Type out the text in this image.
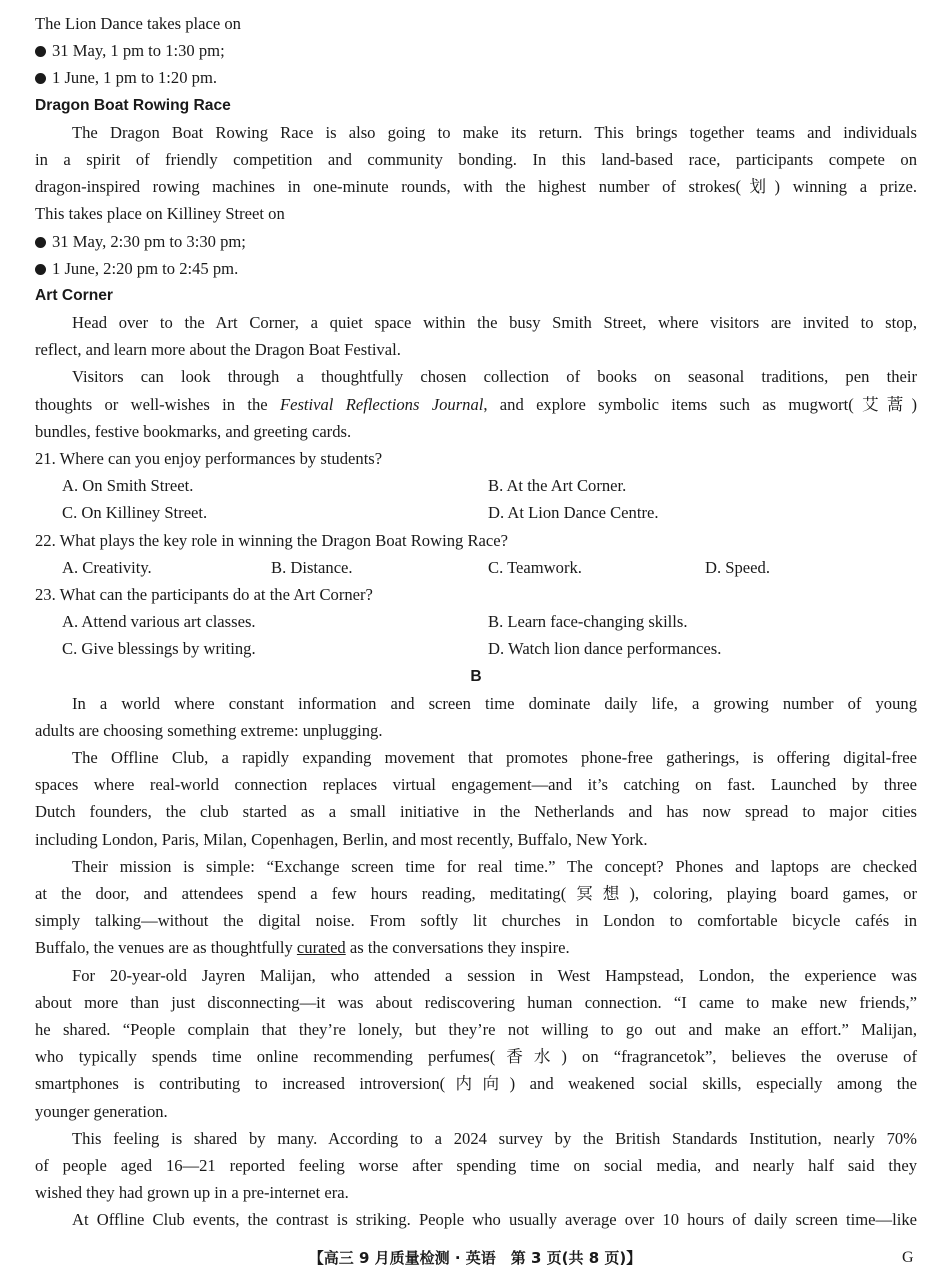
The Lion Dance takes place on
31 May, 1 pm to 1:30 pm;
1 June, 1 pm to 1:20 pm.
Dragon Boat Rowing Race
The Dragon Boat Rowing Race is also going to make its return. This brings together teams and individuals
in a spirit of friendly competition and community bonding. In this land-based race, participants compete on
dragon-inspired rowing machines in one-minute rounds, with the highest number of strokes(划) winning a prize.
This takes place on Killiney Street on
31 May, 2:30 pm to 3:30 pm;
1 June, 2:20 pm to 2:45 pm.
Art Corner
Head over to the Art Corner, a quiet space within the busy Smith Street, where visitors are invited to stop,
reflect, and learn more about the Dragon Boat Festival.
Visitors can look through a thoughtfully chosen collection of books on seasonal traditions, pen their
thoughts or well-wishes in the Festival Reflections Journal, and explore symbolic items such as mugwort(艾蒿)
bundles, festive bookmarks, and greeting cards.
21. Where can you enjoy performances by students?
A. On Smith Street.	B. At the Art Corner.
C. On Killiney Street.	D. At Lion Dance Centre.
22. What plays the key role in winning the Dragon Boat Rowing Race?
A. Creativity.	B. Distance.	C. Teamwork.	D. Speed.
23. What can the participants do at the Art Corner?
A. Attend various art classes.	B. Learn face-changing skills.
C. Give blessings by writing.	D. Watch lion dance performances.
B
In a world where constant information and screen time dominate daily life, a growing number of young
adults are choosing something extreme: unplugging.
The Offline Club, a rapidly expanding movement that promotes phone-free gatherings, is offering digital-free
spaces where real-world connection replaces virtual engagement—and it’s catching on fast. Launched by three
Dutch founders, the club started as a small initiative in the Netherlands and has now spread to major cities
including London, Paris, Milan, Copenhagen, Berlin, and most recently, Buffalo, New York.
Their mission is simple: “Exchange screen time for real time.” The concept? Phones and laptops are checked
at the door, and attendees spend a few hours reading, meditating(冥想), coloring, playing board games, or
simply talking—without the digital noise. From softly lit churches in London to comfortable bicycle cafés in
Buffalo, the venues are as thoughtfully curated as the conversations they inspire.
For 20-year-old Jayren Malijan, who attended a session in West Hampstead, London, the experience was
about more than just disconnecting—it was about rediscovering human connection. “I came to make new friends,”
he shared. “People complain that they’re lonely, but they’re not willing to go out and make an effort.” Malijan,
who typically spends time online recommending perfumes(香水) on “fragrancetok”, believes the overuse of
smartphones is contributing to increased introversion(内向) and weakened social skills, especially among the
younger generation.
This feeling is shared by many. According to a 2024 survey by the British Standards Institution, nearly 70%
of people aged 16—21 reported feeling worse after spending time on social media, and nearly half said they
wished they had grown up in a pre-internet era.
At Offline Club events, the contrast is striking. People who usually average over 10 hours of daily screen time—like
【高三 9 月质量检测 · 英语　第 3 页(共 8 页)】	G
